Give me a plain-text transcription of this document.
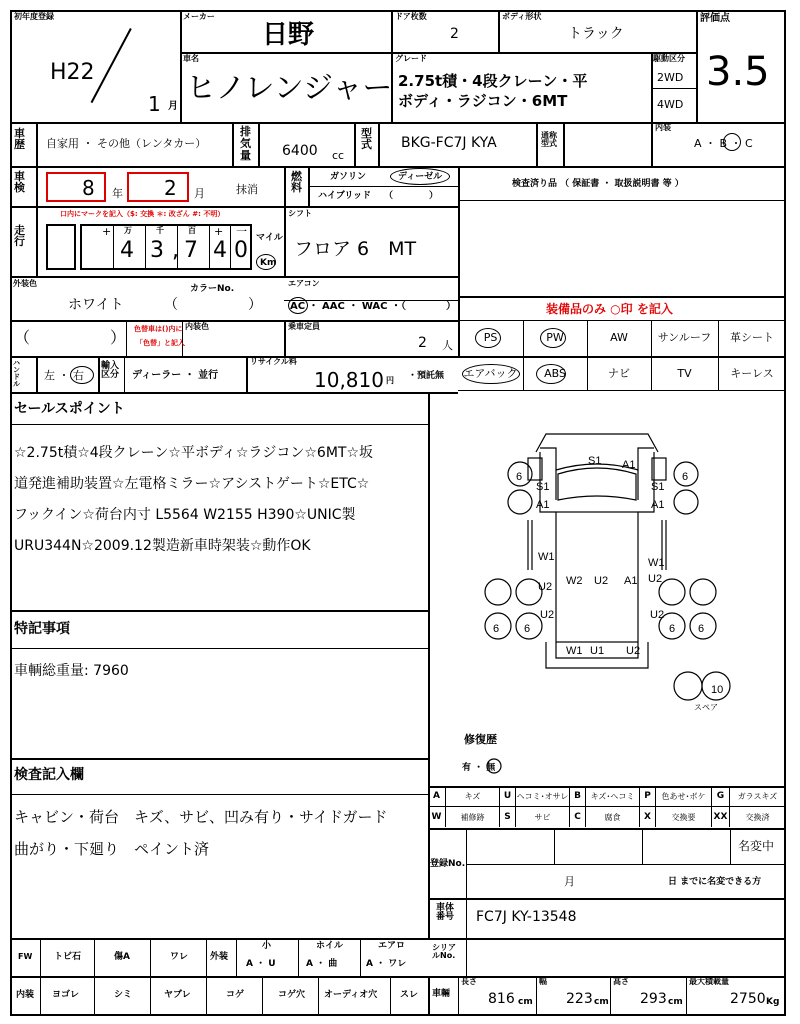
初年度登録
H22
1 月
メーカー
日野
ドア枚数
2
ボディ形状
トラック
評価点
3.5
車名
ヒノレンジャー
グレード
2.75t積・4段クレーン・平
ボディ・ラジコン・6MT
駆動区分
2WD
4WD
車歴 自家用 ・ その他（レンタカー）
排気量 6400 cc
型式 BKG-FC7J KYA	通称型式
内装
A ・ B ・ C
車検	8 年 2 月	抹消
燃料
ガソリン	ディーゼル
ハイブリッド （　　　　）
検査済り品 （ 保証書 ・ 取扱説明書 等 ）
走行
口内にマークを記入（$: 交換 ＊: 改ざん #: 不明）
+ 万	千	百 + 一
4 3 , 7 4 0 マイル
Km
シフト
フロア 6　MT
外装色
ホワイト
カラーNo.
（　　　　　）
エアコン
AC ・ AAC ・ WAC ・（　　　　）
（　　　　　） 色替車は()内に
「色替」と記入
内装色	乗車定員
2 人
装備品のみ ○印 を記入
PS	PW	AW	サンルーフ	革シート
エアバック	ABS	ナビ	TV	キーレス
ハンドル
左 ・ 右
輸入区分	ディーラー ・ 並行
リサイクル料
10,810 円 ・預託無
セールスポイント
☆2.75t積☆4段クレーン☆平ボディ☆ラジコン☆6MT☆坂
道発進補助装置☆左電格ミラー☆アシストゲート☆ETC☆
フックイン☆荷台内寸 L5564 W2155 H390☆UNIC製
URU344N☆2009.12製造新車時架装☆動作OK
特記事項
車輌総重量: 7960
検査記入欄
キャビン・荷台　キズ、サビ、凹み有り・サイドガード
曲がり・下廻り　ペイント済
S1 A1
S1
A1
S1
A1
W2 U2 A1
W1
U2
W1
U2
U2	U2
W1 U1 U2
6
6 6
6
6 6
10
スペア
修復歴
有 ・ 無
A	キズ	U ヘコミ･オサレ B	キズ･ヘコミ	P	色あせ･ボケ	G	ガラスキズ
W	補修跡	S	サビ	C	腐食	X	交換要	XX	交換済
登録No.
名変中
月	日 までに名変できる方
車体番号	FC7J KY-13548
シリアルNo.
FW トビ石	傷A	ワレ 外装
小
A ・ U
ホイル
A ・ 曲
エアロ
A ・ ワレ
内装 ヨゴレ	シミ	ヤブレ	コゲ	コゲ穴 オーディオ穴	スレ 車輛
長さ
816 cm
幅
223 cm
高さ
293 cm
最大積載量
2750 Kg
